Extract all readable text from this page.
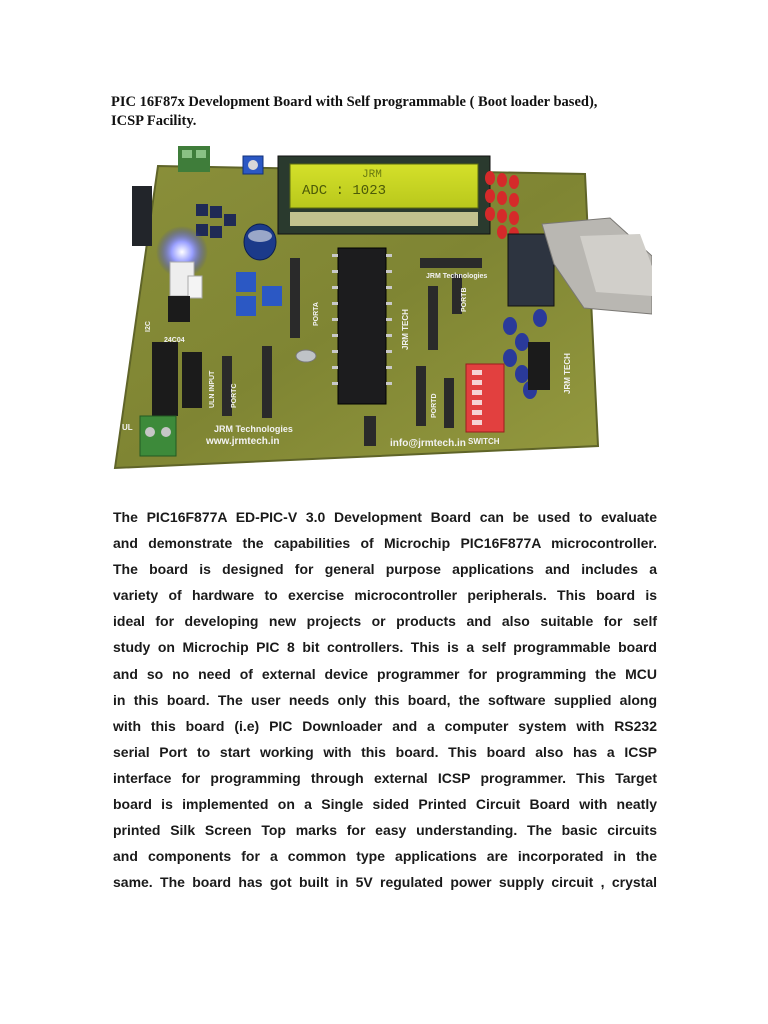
PIC 16F87x Development Board with Self programmable ( Boot loader based),
ICSP Facility.
JRM
ADC : 1023
JRM Technologies
www.jrmtech.in	info@jrmtech.in
JRM Technologies
SWITCH
JRM TECH
JRM TECH
PORTC	PORTD
PORTA
PORTB
ULN INPUT
24C04
I2C
UL
The PIC16F877A ED-PIC-V 3.0 Development Board can be used to evaluate
and demonstrate the capabilities of Microchip PIC16F877A microcontroller.
The board is designed for general purpose applications and includes a
variety of hardware to exercise microcontroller peripherals. This board is
ideal for developing new projects or products and also suitable for self
study on Microchip PIC 8 bit controllers. This is a self programmable board
and so no need of external device programmer for programming the MCU
in this board. The user needs only this board, the software supplied along
with this board (i.e) PIC Downloader and a computer system with RS232
serial Port to start working with this board. This board also has a ICSP
interface for programming through external ICSP programmer. This Target
board is implemented on a Single sided Printed Circuit Board with neatly
printed Silk Screen Top marks for easy understanding. The basic circuits
and components for a common type applications are incorporated in the
same. The board has got built in 5V regulated power supply circuit , crystal
